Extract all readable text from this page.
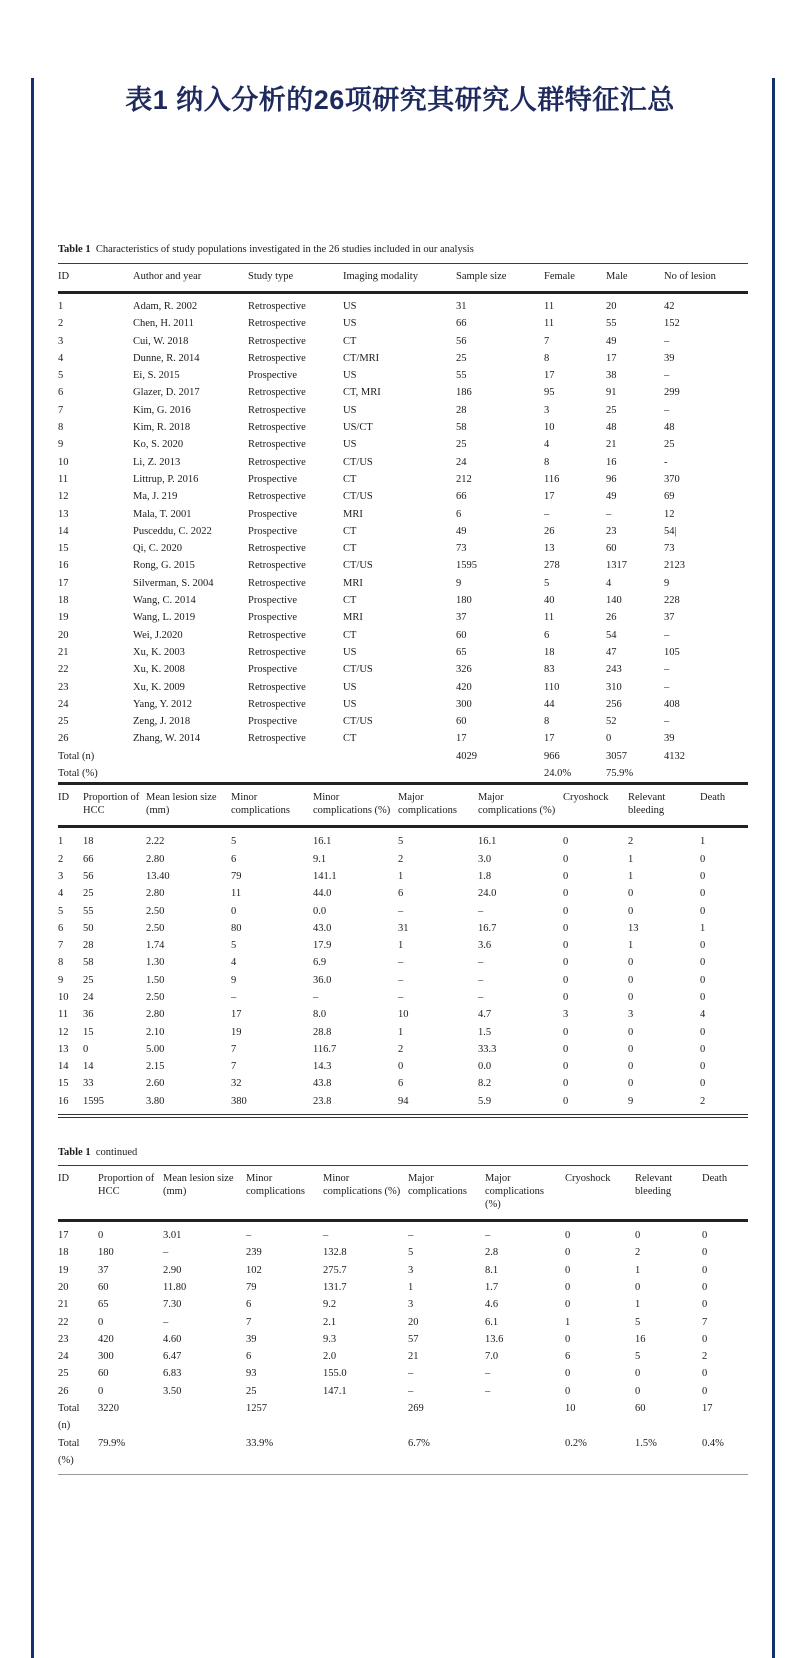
表1 纳入分析的26项研究其研究人群特征汇总

Table 1 Characteristics of study populations investigated in the 26 studies included in our analysis

ID	Author and year	Study type	Imaging modality	Sample size	Female	Male	No of lesion
1	Adam, R. 2002	Retrospective	US	31	11	20	42
2	Chen, H. 2011	Retrospective	US	66	11	55	152
3	Cui, W. 2018	Retrospective	CT	56	7	49	–
4	Dunne, R. 2014	Retrospective	CT/MRI	25	8	17	39
5	Ei, S. 2015	Prospective	US	55	17	38	–
6	Glazer, D. 2017	Retrospective	CT, MRI	186	95	91	299
7	Kim, G. 2016	Retrospective	US	28	3	25	–
8	Kim, R. 2018	Retrospective	US/CT	58	10	48	48
9	Ko, S. 2020	Retrospective	US	25	4	21	25
10	Li, Z. 2013	Retrospective	CT/US	24	8	16	-
11	Littrup, P. 2016	Prospective	CT	212	116	96	370
12	Ma, J. 219	Retrospective	CT/US	66	17	49	69
13	Mala, T. 2001	Prospective	MRI	6	–	–	12
14	Pusceddu, C. 2022	Prospective	CT	49	26	23	54|
15	Qi, C. 2020	Retrospective	CT	73	13	60	73
16	Rong, G. 2015	Retrospective	CT/US	1595	278	1317	2123
17	Silverman, S. 2004	Retrospective	MRI	9	5	4	9
18	Wang, C. 2014	Prospective	CT	180	40	140	228
19	Wang, L. 2019	Prospective	MRI	37	11	26	37
20	Wei, J.2020	Retrospective	CT	60	6	54	–
21	Xu, K. 2003	Retrospective	US	65	18	47	105
22	Xu, K. 2008	Prospective	CT/US	326	83	243	–
23	Xu, K. 2009	Retrospective	US	420	110	310	–
24	Yang, Y. 2012	Retrospective	US	300	44	256	408
25	Zeng, J. 2018	Prospective	CT/US	60	8	52	–
26	Zhang, W. 2014	Retrospective	CT	17	17	0	39
Total (n)				4029	966	3057	4132
Total (%)					24.0%	75.9%	
ID	Proportion of HCC	Mean lesion size (mm)	Minor complications	Minor complications (%)	Major complications	Major complications (%)	Cryoshock	Relevant bleeding	Death
1	18	2.22	5	16.1	5	16.1	0	2	1
2	66	2.80	6	9.1	2	3.0	0	1	0
3	56	13.40	79	141.1	1	1.8	0	1	0
4	25	2.80	11	44.0	6	24.0	0	0	0
5	55	2.50	0	0.0	–	–	0	0	0
6	50	2.50	80	43.0	31	16.7	0	13	1
7	28	1.74	5	17.9	1	3.6	0	1	0
8	58	1.30	4	6.9	–	–	0	0	0
9	25	1.50	9	36.0	–	–	0	0	0
10	24	2.50	–	–	–	–	0	0	0
11	36	2.80	17	8.0	10	4.7	3	3	4
12	15	2.10	19	28.8	1	1.5	0	0	0
13	0	5.00	7	116.7	2	33.3	0	0	0
14	14	2.15	7	14.3	0	0.0	0	0	0
15	33	2.60	32	43.8	6	8.2	0	0	0
16	1595	3.80	380	23.8	94	5.9	0	9	2

Table 1 continued

ID	Proportion of HCC	Mean lesion size (mm)	Minor complications	Minor complications (%)	Major complications	Major complications (%)	Cryoshock	Relevant bleeding	Death
17	0	3.01	–	–	–	–	0	0	0
18	180	–	239	132.8	5	2.8	0	2	0
19	37	2.90	102	275.7	3	8.1	0	1	0
20	60	11.80	79	131.7	1	1.7	0	0	0
21	65	7.30	6	9.2	3	4.6	0	1	0
22	0	–	7	2.1	20	6.1	1	5	7
23	420	4.60	39	9.3	57	13.6	0	16	0
24	300	6.47	6	2.0	21	7.0	6	5	2
25	60	6.83	93	155.0	–	–	0	0	0
26	0	3.50	25	147.1	–	–	0	0	0
Total (n)	3220		1257		269		10	60	17
Total (%)	79.9%		33.9%		6.7%		0.2%	1.5%	0.4%
